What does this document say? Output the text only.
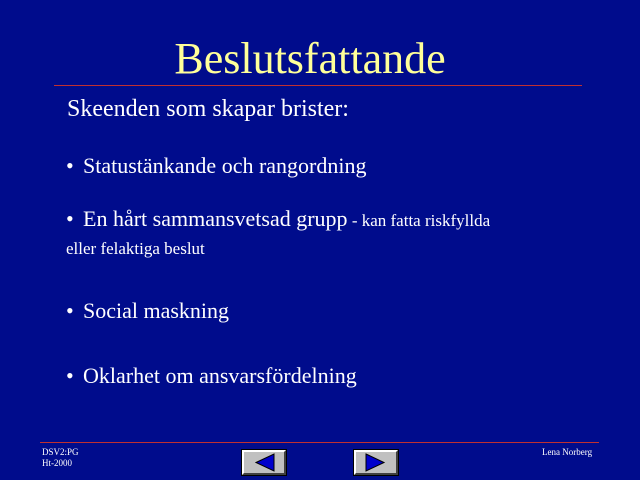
Beslutsfattande
Skeenden som skapar brister:
• Statustänkande och rangordning
• En hårt sammansvetsad grupp - kan fatta riskfyllda
eller felaktiga beslut
• Social maskning
• Oklarhet om ansvarsfördelning
DSV2:PG
Ht-2000
Lena Norberg
